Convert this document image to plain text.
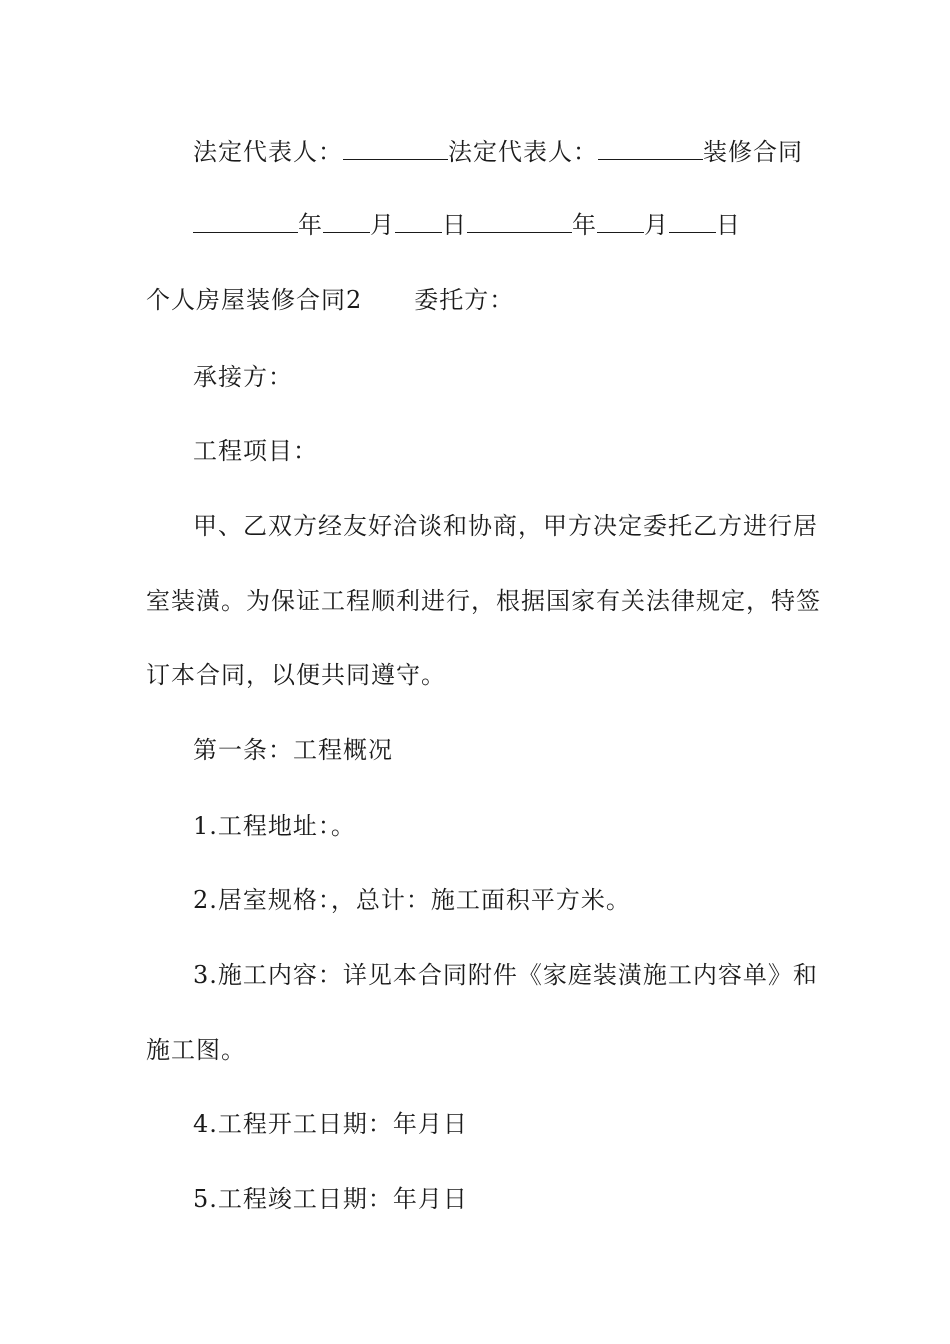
法定代表人：	法定代表人：	装修合同
年 月 日	年 月 日
个人房屋装修合同2 委托方：
承接方：
工程项目：
甲、乙双方经友好洽谈和协商，甲方决定委托乙方进行居
室装潢。为保证工程顺利进行，根据国家有关法律规定，特签
订本合同，以便共同遵守。
第一条：工程概况
1.工程地址：。
2.居室规格：，总计：施工面积平方米。
3.施工内容：详见本合同附件《家庭装潢施工内容单》和
施工图。
4.工程开工日期：年月日
5.工程竣工日期：年月日
